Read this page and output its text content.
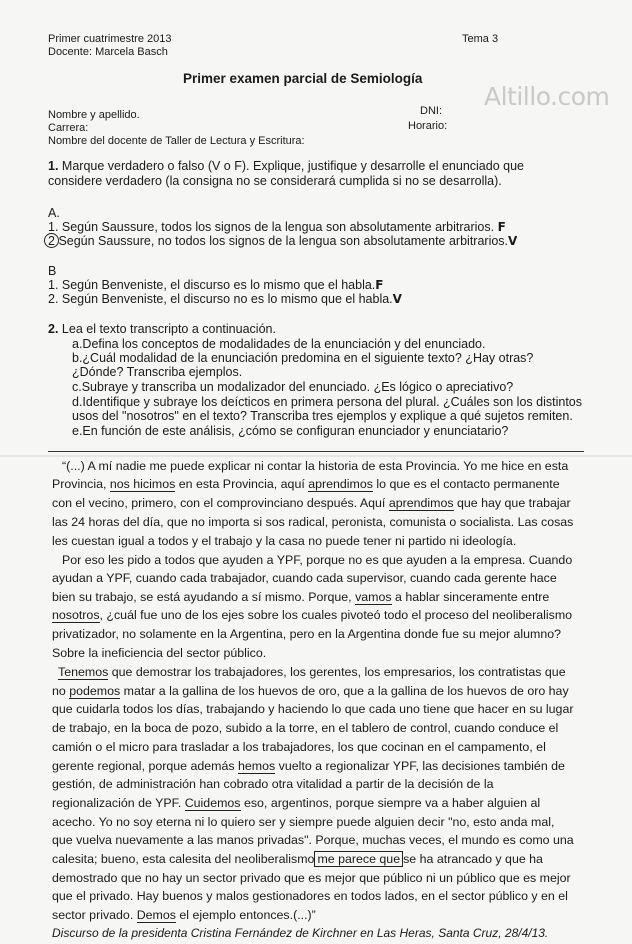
Primer cuatrimestre 2013
Docente: Marcela Basch
Tema 3
Primer examen parcial de Semiología
Altillo.com
Nombre y apellido.
Carrera:
Nombre del docente de Taller de Lectura y Escritura:
DNI:
Horario:
1. Marque verdadero o falso (V o F). Explique, justifique y desarrolle el enunciado que
considere verdadero (la consigna no se considerará cumplida si no se desarrolla).
A.
1. Según Saussure, todos los signos de la lengua son absolutamente arbitrarios. F
2 Según Saussure, no todos los signos de la lengua son absolutamente arbitrarios.V
B
1. Según Benveniste, el discurso es lo mismo que el habla.F
2. Según Benveniste, el discurso no es lo mismo que el habla.V
2. Lea el texto transcripto a continuación.
a.Defina los conceptos de modalidades de la enunciación y del enunciado.
b.¿Cuál modalidad de la enunciación predomina en el siguiente texto? ¿Hay otras?
¿Dónde? Transcriba ejemplos.
c.Subraye y transcriba un modalizador del enunciado. ¿Es lógico o apreciativo?
d.Identifique y subraye los deícticos en primera persona del plural. ¿Cuáles son los distintos
usos del "nosotros" en el texto? Transcriba tres ejemplos y explique a qué sujetos remiten.
e.En función de este análisis, ¿cómo se configuran enunciador y enunciatario?
“(...) A mí nadie me puede explicar ni contar la historia de esta Provincia. Yo me hice en esta
Provincia, nos hicimos en esta Provincia, aquí aprendimos lo que es el contacto permanente
con el vecino, primero, con el comprovinciano después. Aquí aprendimos que hay que trabajar
las 24 horas del día, que no importa si sos radical, peronista, comunista o socialista. Las cosas
les cuestan igual a todos y el trabajo y la casa no puede tener ni partido ni ideología.
Por eso les pido a todos que ayuden a YPF, porque no es que ayuden a la empresa. Cuando
ayudan a YPF, cuando cada trabajador, cuando cada supervisor, cuando cada gerente hace
bien su trabajo, se está ayudando a sí mismo. Porque, vamos a hablar sinceramente entre
nosotros, ¿cuál fue uno de los ejes sobre los cuales pivoteó todo el proceso del neoliberalismo
privatizador, no solamente en la Argentina, pero en la Argentina donde fue su mejor alumno?
Sobre la ineficiencia del sector público.
Tenemos que demostrar los trabajadores, los gerentes, los empresarios, los contratistas que
no podemos matar a la gallina de los huevos de oro, que a la gallina de los huevos de oro hay
que cuidarla todos los días, trabajando y haciendo lo que cada uno tiene que hacer en su lugar
de trabajo, en la boca de pozo, subido a la torre, en el tablero de control, cuando conduce el
camión o el micro para trasladar a los trabajadores, los que cocinan en el campamento, el
gerente regional, porque además hemos vuelto a regionalizar YPF, las decisiones también de
gestión, de administración han cobrado otra vitalidad a partir de la decisión de la
regionalización de YPF. Cuidemos eso, argentinos, porque siempre va a haber alguien al
acecho. Yo no soy eterna ni lo quiero ser y siempre puede alguien decir "no, esto anda mal,
que vuelva nuevamente a las manos privadas". Porque, muchas veces, el mundo es como una
calesita; bueno, esta calesita del neoliberalismo me parece que se ha atrancado y que ha
demostrado que no hay un sector privado que es mejor que público ni un público que es mejor
que el privado. Hay buenos y malos gestionadores en todos lados, en el sector público y en el
sector privado. Demos el ejemplo entonces.(...)”
Discurso de la presidenta Cristina Fernández de Kirchner en Las Heras, Santa Cruz, 28/4/13.
